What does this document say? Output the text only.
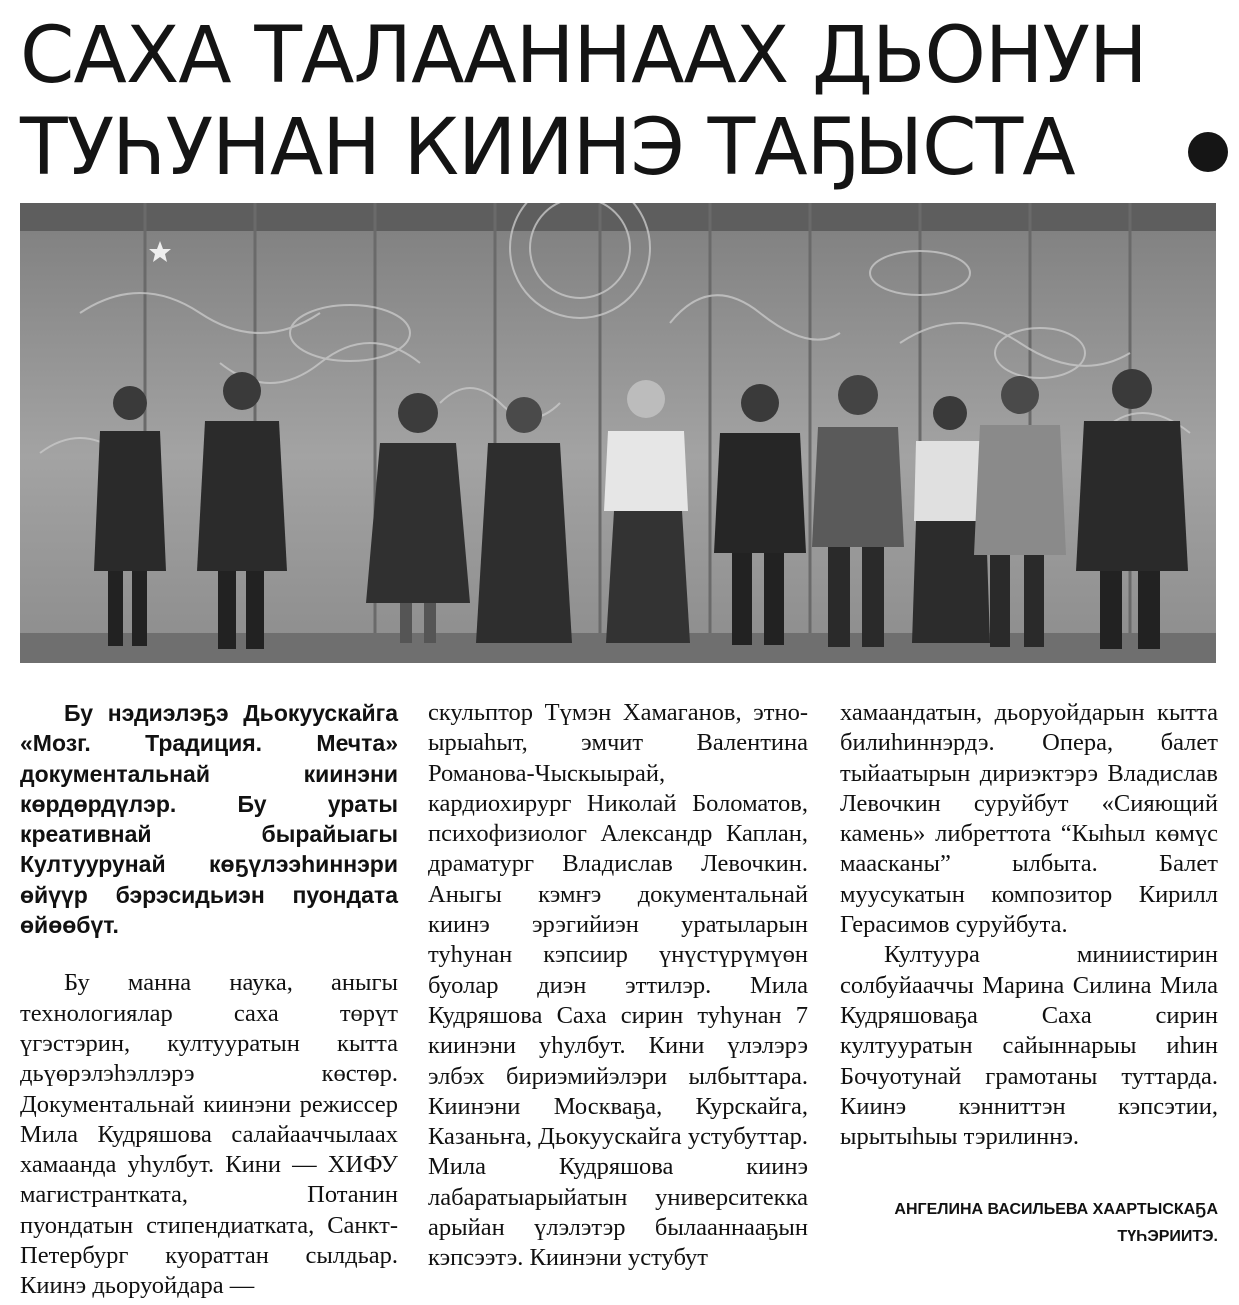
САХА ТАЛААННААХ ДЬОНУН
ТУҺУНАН КИИНЭ ТАҔЫСТА

Бу нэдиэлэҕэ Дьокуускайга «Мозг. Традиция. Мечта» документальнай киинэни көрдөрдүлэр. Бу ураты креативнай бырайыагы Култуурунай көҕүлээһиннэри өйүүр бэрэсидьиэн пуондата өйөөбүт.

Бу манна наука, аныгы технологиялар саха төрүт үгэстэрин, култууратын кытта дьүөрэлэһэллэрэ көстөр. Документальнай киинэни режиссер Мила Кудряшова салайааччылаах хамаанда уһулбут. Кини — ХИФУ магистрантката, Потанин пуондатын стипендиатката, Санкт-Петербург куораттан сылдьар. Киинэ дьоруойдара —

скульптор Түмэн Хамаганов, этно-ырыаһыт, эмчит Валентина Романова-Чыскыырай, кардиохирург Николай Боломатов, психофизиолог Александр Каплан, драматург Владислав Левочкин. Аныгы кэмҥэ документальнай киинэ эрэгийиэн уратыларын туһунан кэпсиир үнүстүрүмүөн буолар диэн эттилэр. Мила Кудряшова Саха сирин туһунан 7 киинэни уһулбут. Кини үлэлэрэ элбэх бириэмийэлэри ылбыттара. Киинэни Москваҕа, Курскайга, Казаньҥа, Дьокуускайга устубуттар. Мила Кудряшова киинэ лабаратыарыйатын университекка арыйан үлэлэтэр былааннааҕын кэпсээтэ. Киинэни устубут

хамаандатын, дьоруойдарын кытта билиһиннэрдэ. Опера, балет тыйаатырын дириэктэрэ Владислав Левочкин суруйбут «Сияющий камень» либреттота “Кыһыл көмүс маасканы” ылбыта. Балет муусукатын композитор Кирилл Герасимов суруйбута.

Култуура миниистирин солбуйааччы Марина Силина Мила Кудряшоваҕа Саха сирин култууратын сайыннарыы иһин Бочуотунай грамотаны туттарда. Киинэ кэнниттэн кэпсэтии, ырытыһыы тэрилиннэ.

АНГЕЛИНА ВАСИЛЬЕВА ХААРТЫСКАҔА
ТҮҺЭРИИТЭ.
